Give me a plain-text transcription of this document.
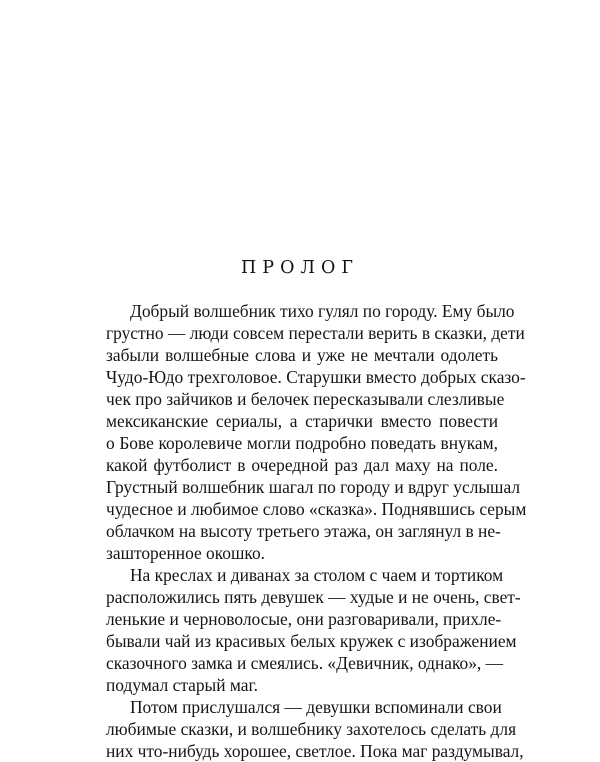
ПРОЛОГ
Добрый волшебник тихо гулял по городу. Ему было
грустно — люди совсем перестали верить в сказки, дети
забыли волшебные слова и уже не мечтали одолеть
Чудо-Юдо трехголовое. Старушки вместо добрых сказо-
чек про зайчиков и белочек пересказывали слезливые
мексиканские сериалы, а старички вместо повести
о Бове королевиче могли подробно поведать внукам,
какой футболист в очередной раз дал маху на поле.
Грустный волшебник шагал по городу и вдруг услышал
чудесное и любимое слово «сказка». Поднявшись серым
облачком на высоту третьего этажа, он заглянул в не-
зашторенное окошко.
На креслах и диванах за столом с чаем и тортиком
расположились пять девушек — худые и не очень, свет-
ленькие и черноволосые, они разговаривали, прихле-
бывали чай из красивых белых кружек с изображением
сказочного замка и смеялись. «Девичник, однако», —
подумал старый маг.
Потом прислушался — девушки вспоминали свои
любимые сказки, и волшебнику захотелось сделать для
них что-нибудь хорошее, светлое. Пока маг раздумывал,
